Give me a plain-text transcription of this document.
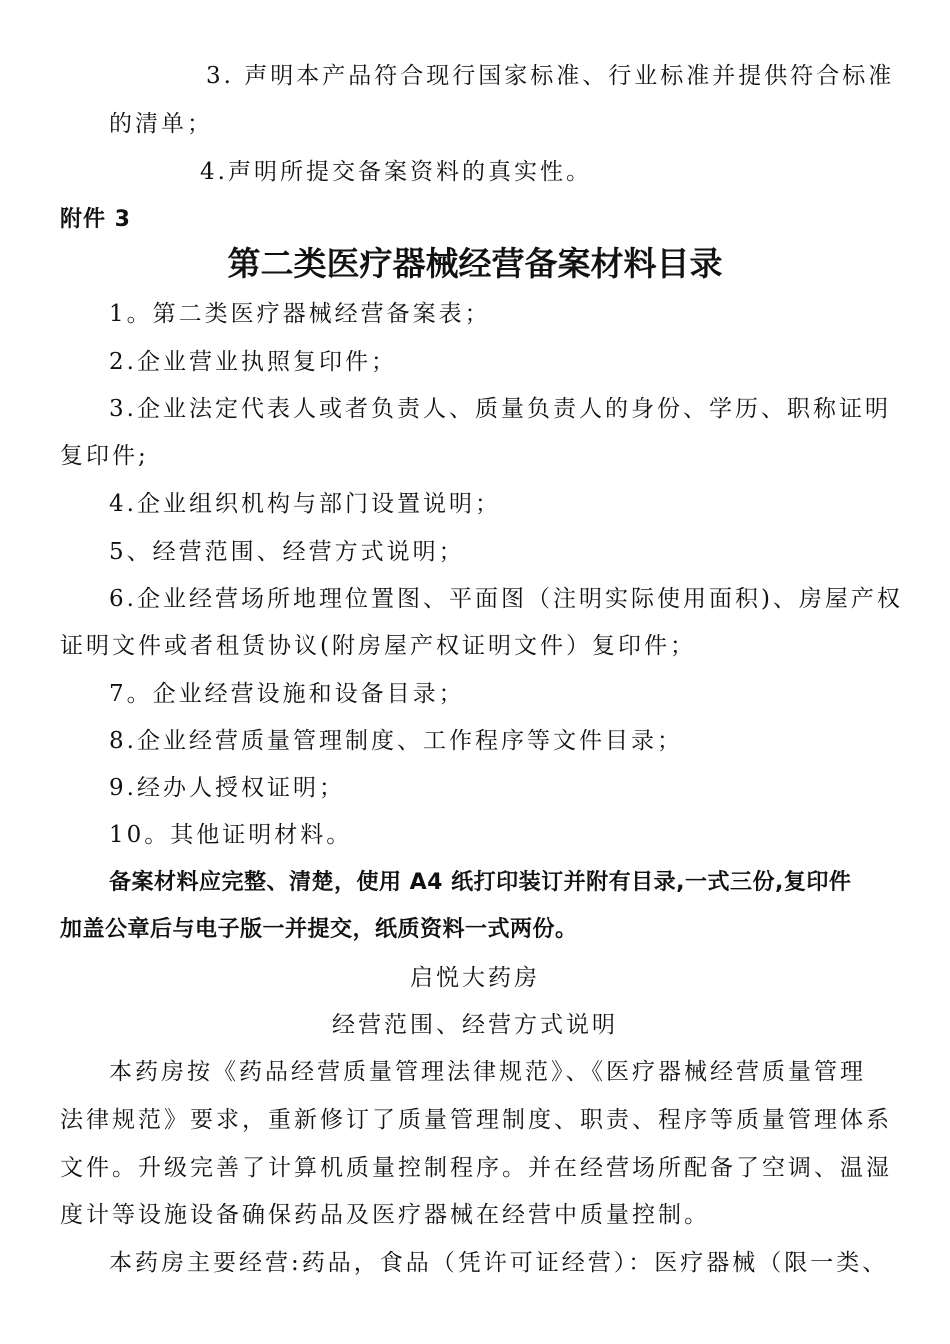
3. 声明本产品符合现行国家标准、行业标准并提供符合标准
的清单；
4.声明所提交备案资料的真实性。
附件 3
第二类医疗器械经营备案材料目录
1。第二类医疗器械经营备案表；
2.企业营业执照复印件；
3.企业法定代表人或者负责人、质量负责人的身份、学历、职称证明
复印件;
4.企业组织机构与部门设置说明；
5、经营范围、经营方式说明；
6.企业经营场所地理位置图、平面图（注明实际使用面积)、房屋产权
证明文件或者租赁协议(附房屋产权证明文件）复印件；
7。企业经营设施和设备目录；
8.企业经营质量管理制度、工作程序等文件目录；
9.经办人授权证明；
10。其他证明材料。
备案材料应完整、清楚，使用 A4 纸打印装订并附有目录,一式三份,复印件
加盖公章后与电子版一并提交，纸质资料一式两份。
启悦大药房
经营范围、经营方式说明
本药房按《药品经营质量管理法律规范》、《医疗器械经营质量管理
法律规范》要求，重新修订了质量管理制度、职责、程序等质量管理体系
文件。升级完善了计算机质量控制程序。并在经营场所配备了空调、温湿
度计等设施设备确保药品及医疗器械在经营中质量控制。
本药房主要经营:药品，食品（凭许可证经营）：医疗器械（限一类、
